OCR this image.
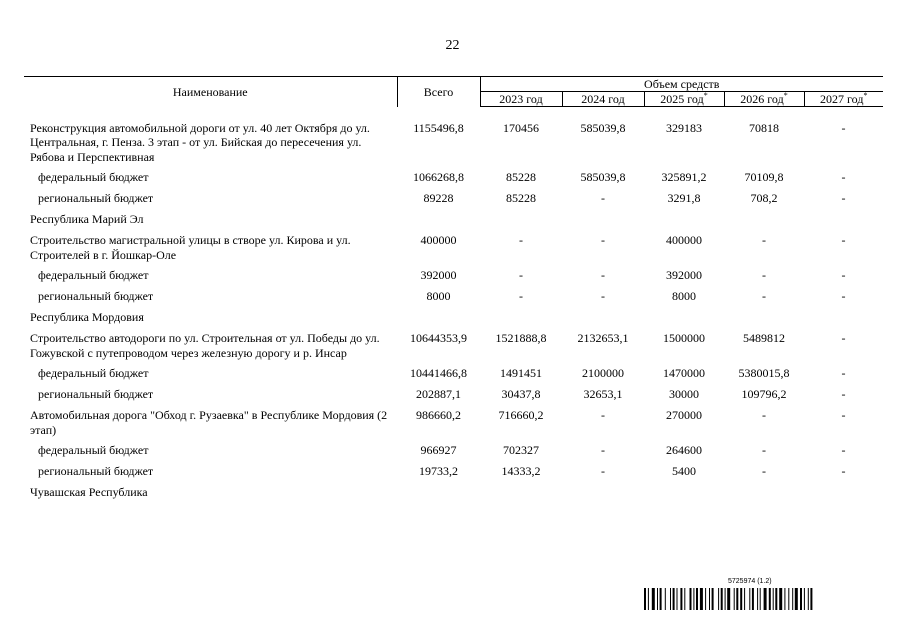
22
Наименование	Всего	Объем средств				
		2023 год	2024 год	2025 год*	2026 год*	2027 год*

Реконструкция автомобильной дороги от ул. 40 лет Октября до ул. Центральная, г. Пенза. 3 этап - от ул. Бийская до пересечения ул. Рябова и Перспективная	1155496,8	170456	585039,8	329183	70818	-
федеральный бюджет	1066268,8	85228	585039,8	325891,2	70109,8	-
региональный бюджет	89228	85228	-	3291,8	708,2	-
Республика Марий Эл						
Строительство магистральной улицы в створе ул. Кирова и ул. Строителей в г. Йошкар-Оле	400000	-	-	400000	-	-
федеральный бюджет	392000	-	-	392000	-	-
региональный бюджет	8000	-	-	8000	-	-
Республика Мордовия						
Строительство автодороги по ул. Строительная от ул. Победы до ул. Гожувской с путепроводом через железную дорогу и р. Инсар	10644353,9	1521888,8	2132653,1	1500000	5489812	-
федеральный бюджет	10441466,8	1491451	2100000	1470000	5380015,8	-
региональный бюджет	202887,1	30437,8	32653,1	30000	109796,2	-
Автомобильная дорога "Обход г. Рузаевка" в Республике Мордовия (2 этап)	986660,2	716660,2	-	270000	-	-
федеральный бюджет	966927	702327	-	264600	-	-
региональный бюджет	19733,2	14333,2	-	5400	-	-
Чувашская Республика						
5725974 (1.2)
